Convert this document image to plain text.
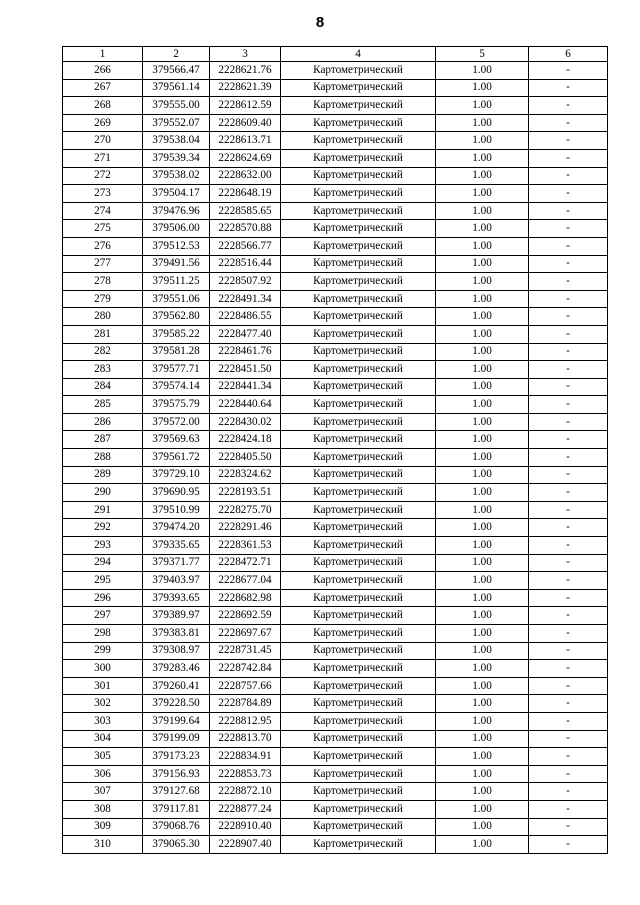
8
1	2	3	4	5	6
266	379566.47	2228621.76	Картометрический	1.00	-
267	379561.14	2228621.39	Картометрический	1.00	-
268	379555.00	2228612.59	Картометрический	1.00	-
269	379552.07	2228609.40	Картометрический	1.00	-
270	379538.04	2228613.71	Картометрический	1.00	-
271	379539.34	2228624.69	Картометрический	1.00	-
272	379538.02	2228632.00	Картометрический	1.00	-
273	379504.17	2228648.19	Картометрический	1.00	-
274	379476.96	2228585.65	Картометрический	1.00	-
275	379506.00	2228570.88	Картометрический	1.00	-
276	379512.53	2228566.77	Картометрический	1.00	-
277	379491.56	2228516.44	Картометрический	1.00	-
278	379511.25	2228507.92	Картометрический	1.00	-
279	379551.06	2228491.34	Картометрический	1.00	-
280	379562.80	2228486.55	Картометрический	1.00	-
281	379585.22	2228477.40	Картометрический	1.00	-
282	379581.28	2228461.76	Картометрический	1.00	-
283	379577.71	2228451.50	Картометрический	1.00	-
284	379574.14	2228441.34	Картометрический	1.00	-
285	379575.79	2228440.64	Картометрический	1.00	-
286	379572.00	2228430.02	Картометрический	1.00	-
287	379569.63	2228424.18	Картометрический	1.00	-
288	379561.72	2228405.50	Картометрический	1.00	-
289	379729.10	2228324.62	Картометрический	1.00	-
290	379690.95	2228193.51	Картометрический	1.00	-
291	379510.99	2228275.70	Картометрический	1.00	-
292	379474.20	2228291.46	Картометрический	1.00	-
293	379335.65	2228361.53	Картометрический	1.00	-
294	379371.77	2228472.71	Картометрический	1.00	-
295	379403.97	2228677.04	Картометрический	1.00	-
296	379393.65	2228682.98	Картометрический	1.00	-
297	379389.97	2228692.59	Картометрический	1.00	-
298	379383.81	2228697.67	Картометрический	1.00	-
299	379308.97	2228731.45	Картометрический	1.00	-
300	379283.46	2228742.84	Картометрический	1.00	-
301	379260.41	2228757.66	Картометрический	1.00	-
302	379228.50	2228784.89	Картометрический	1.00	-
303	379199.64	2228812.95	Картометрический	1.00	-
304	379199.09	2228813.70	Картометрический	1.00	-
305	379173.23	2228834.91	Картометрический	1.00	-
306	379156.93	2228853.73	Картометрический	1.00	-
307	379127.68	2228872.10	Картометрический	1.00	-
308	379117.81	2228877.24	Картометрический	1.00	-
309	379068.76	2228910.40	Картометрический	1.00	-
310	379065.30	2228907.40	Картометрический	1.00	-
